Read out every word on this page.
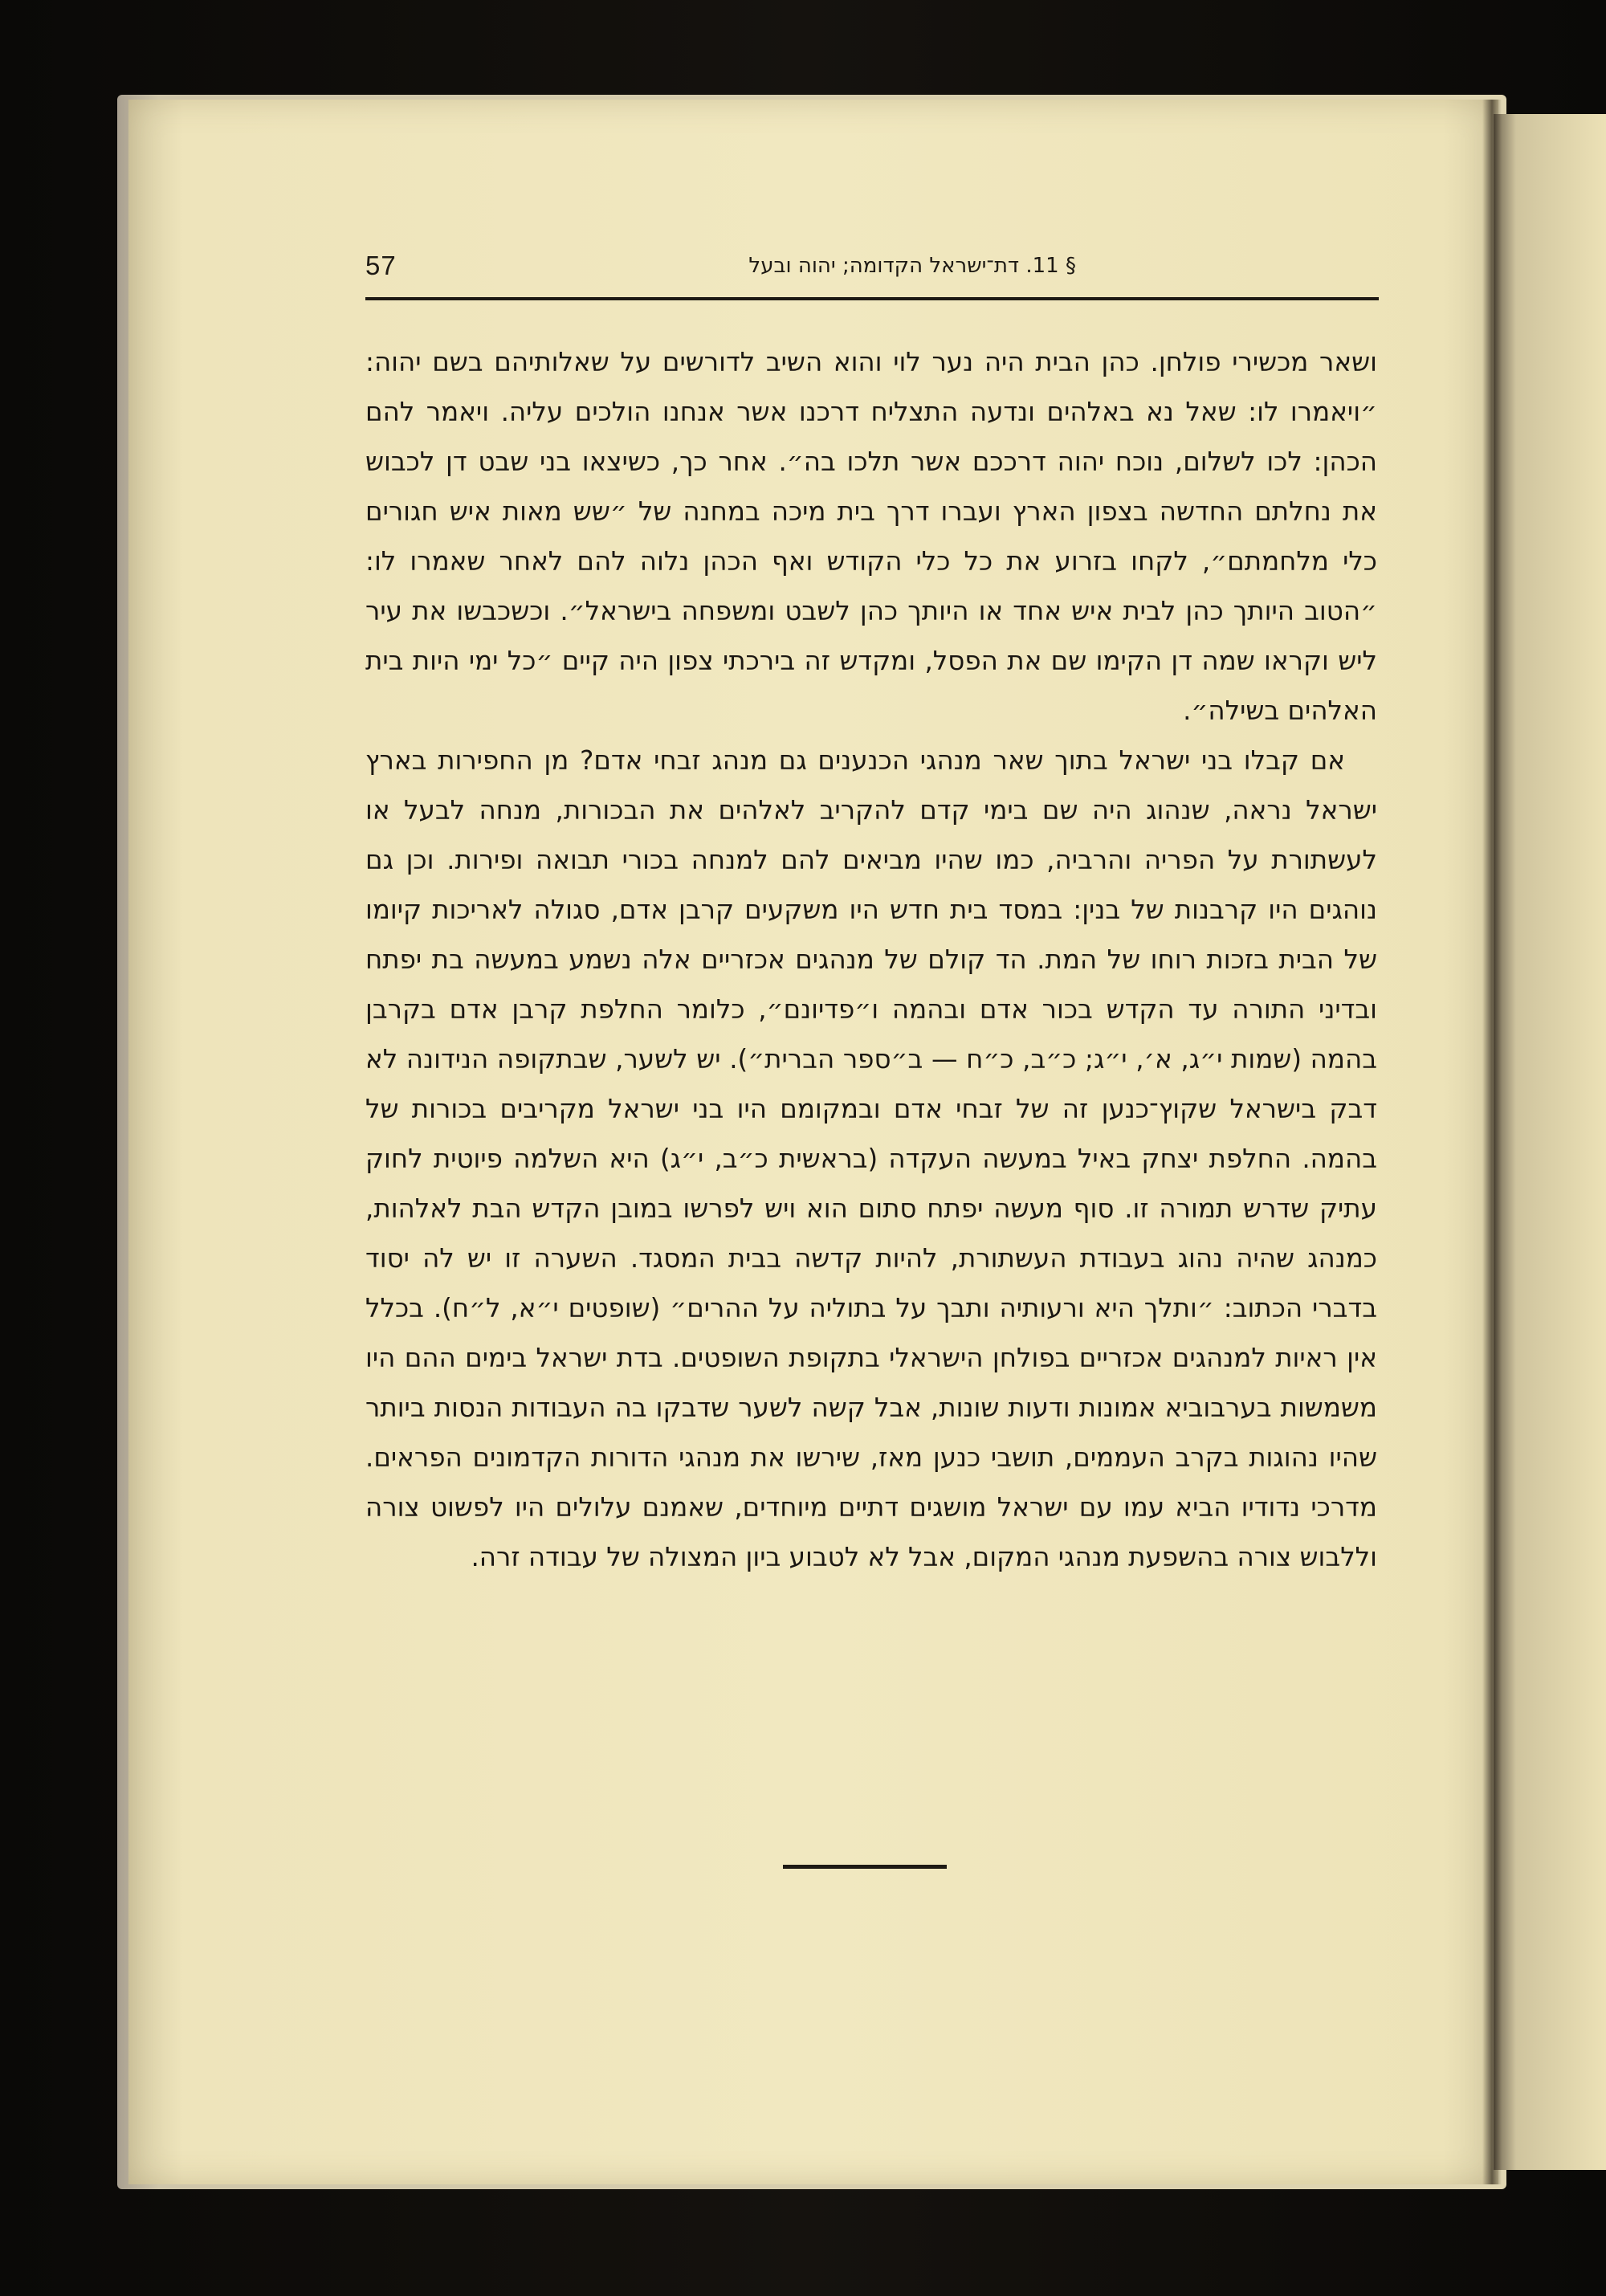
57	§ 11. דת־ישראל הקדומה; יהוה ובעל

ושאר מכשירי פולחן. כהן הבית היה נער לוי והוא השיב לדורשים על שאלותיהם בשם יהוה: ״ויאמרו לו: שאל נא באלהים ונדעה התצליח דרכנו אשר אנחנו הולכים עליה. ויאמר להם הכהן: לכו לשלום, נוכח יהוה דרככם אשר תלכו בה״. אחר כך, כשיצאו בני שבט דן לכבוש את נחלתם החדשה בצפון הארץ ועברו דרך בית מיכה במחנה של ״שש מאות איש חגורים כלי מלחמתם״, לקחו בזרוע את כל כלי הקודש ואף הכהן נלוה להם לאחר שאמרו לו: ״הטוב היותך כהן לבית איש אחד או היותך כהן לשבט ומשפחה בישראל״. וכשכבשו את עיר ליש וקראו שמה דן הקימו שם את הפסל, ומקדש זה בירכתי צפון היה קיים ״כל ימי היות בית האלהים בשילה״.

אם קבלו בני ישראל בתוך שאר מנהגי הכנענים גם מנהג זבחי אדם? מן החפירות בארץ ישראל נראה, שנהוג היה שם בימי קדם להקריב לאלהים את הבכורות, מנחה לבעל או לעשתורת על הפריה והרביה, כמו שהיו מביאים להם למנחה בכורי תבואה ופירות. וכן גם נוהגים היו קרבנות של בנין: במסד בית חדש היו משקעים קרבן אדם, סגולה לאריכות קיומו של הבית בזכות רוחו של המת. הד קולם של מנהגים אכזריים אלה נשמע במעשה בת יפתח ובדיני התורה עד הקדש בכור אדם ובהמה ו״פדיונם״, כלומר החלפת קרבן אדם בקרבן בהמה (שמות י״ג, א׳, י״ג; כ״ב, כ״ח — ב״ספר הברית״). יש לשער, שבתקופה הנידונה לא דבק בישראל שקוץ־כנען זה של זבחי אדם ובמקומם היו בני ישראל מקריבים בכורות של בהמה. החלפת יצחק באיל במעשה העקדה (בראשית כ״ב, י״ג) היא השלמה פיוטית לחוק עתיק שדרש תמורה זו. סוף מעשה יפתח סתום הוא ויש לפרשו במובן הקדש הבת לאלהות, כמנהג שהיה נהוג בעבודת העשתורת, להיות קדשה בבית המסגד. השערה זו יש לה יסוד בדברי הכתוב: ״ותלך היא ורעותיה ותבך על בתוליה על ההרים״ (שופטים י״א, ל״ח). בכלל אין ראיות למנהגים אכזריים בפולחן הישראלי בתקופת השופטים. בדת ישראל בימים ההם היו משמשות בערבוביא אמונות ודעות שונות, אבל קשה לשער שדבקו בה העבודות הנסות ביותר שהיו נהוגות בקרב העממים, תושבי כנען מאז, שירשו את מנהגי הדורות הקדמונים הפראים. מדרכי נדודיו הביא עמו עם ישראל מושגים דתיים מיוחדים, שאמנם עלולים היו לפשוט צורה וללבוש צורה בהשפעת מנהגי המקום, אבל לא לטבוע ביון המצולה של עבודה זרה.
